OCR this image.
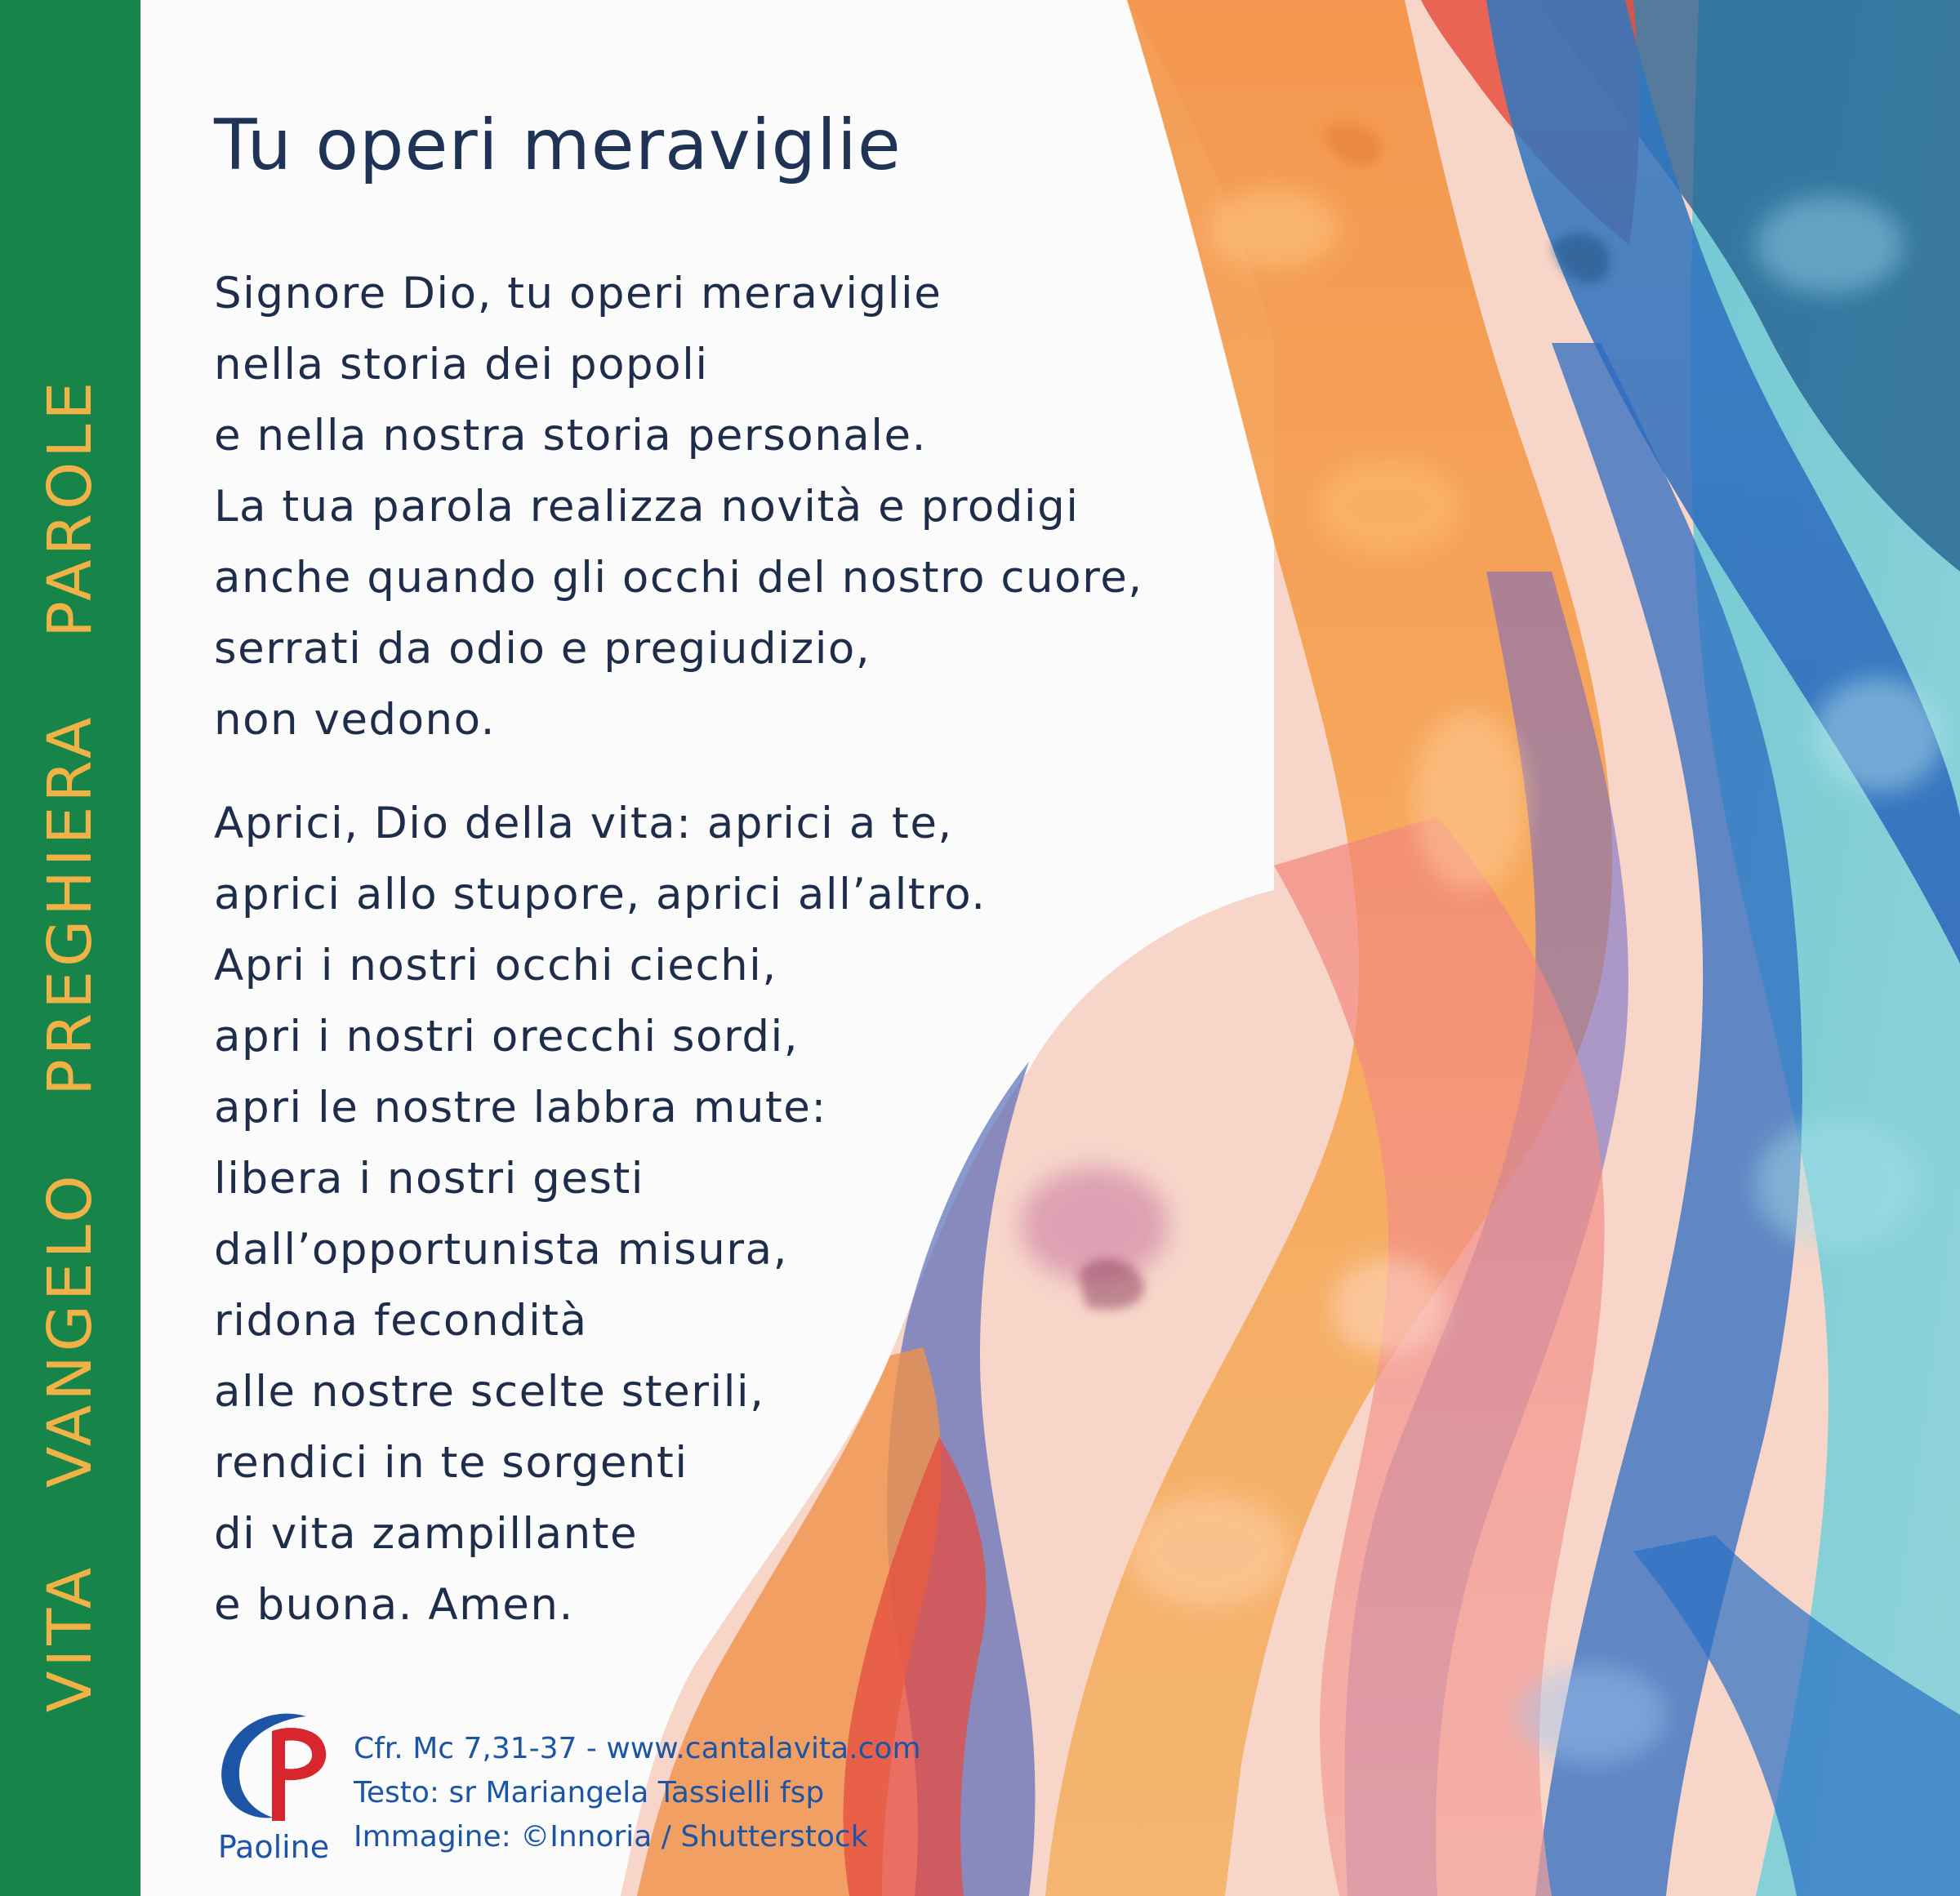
VITA VANGELO PREGHIERA PAROLE
Tu operi meraviglie

Signore Dio, tu operi meraviglie
nella storia dei popoli
e nella nostra storia personale.
La tua parola realizza novità e prodigi
anche quando gli occhi del nostro cuore,
serrati da odio e pregiudizio,
non vedono.

Aprici, Dio della vita: aprici a te,
aprici allo stupore, aprici all’altro.
Apri i nostri occhi ciechi,
apri i nostri orecchi sordi,
apri le nostre labbra mute:
libera i nostri gesti
dall’opportunista misura,
ridona fecondità
alle nostre scelte sterili,
rendici in te sorgenti
di vita zampillante
e buona. Amen.

Paoline
Cfr. Mc 7,31-37 - www.cantalavita.com
Testo: sr Mariangela Tassielli fsp
Immagine: ©Innoria / Shutterstock
